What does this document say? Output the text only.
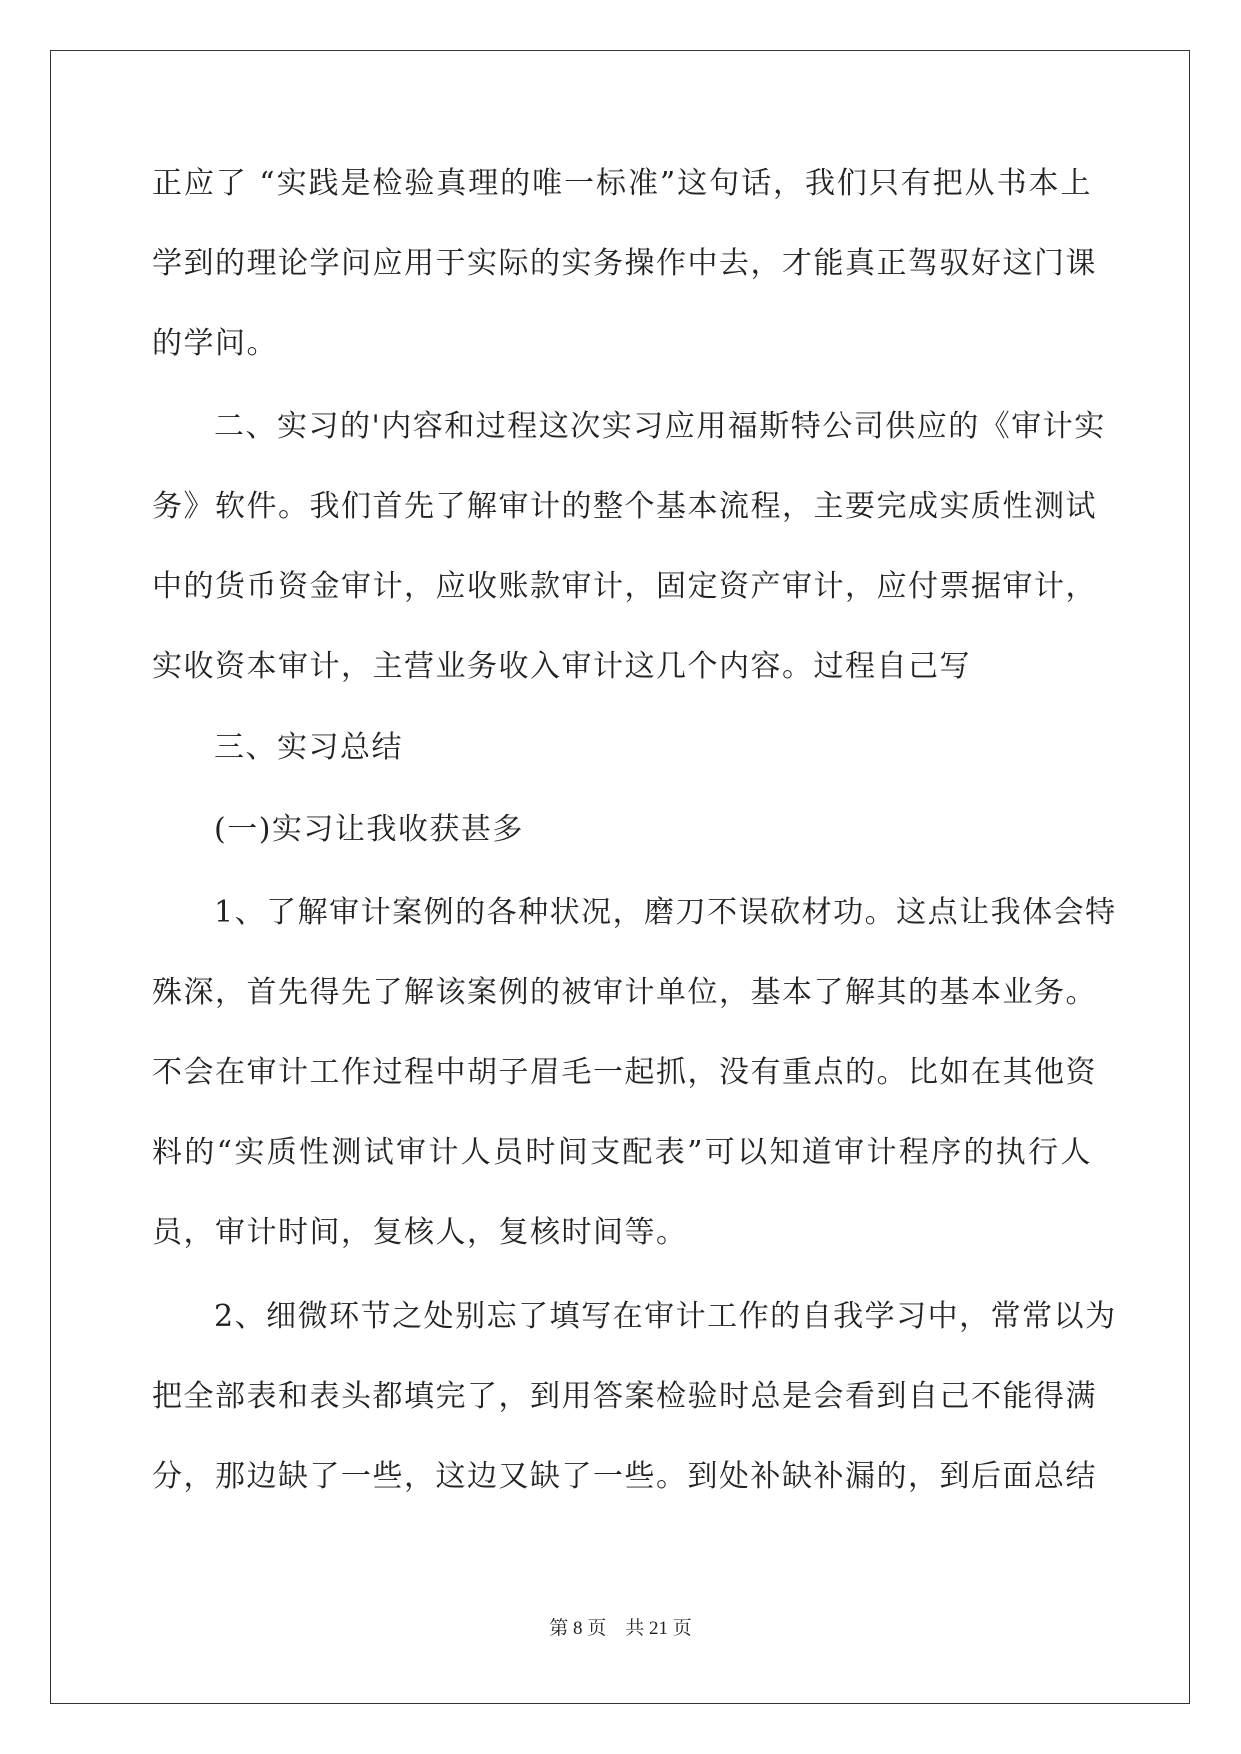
正应了 “实践是检验真理的唯一标准”这句话，我们只有把从书本上
学到的理论学问应用于实际的实务操作中去，才能真正驾驭好这门课
的学问。
二、实习的'内容和过程这次实习应用福斯特公司供应的《审计实
务》软件。我们首先了解审计的整个基本流程，主要完成实质性测试
中的货币资金审计，应收账款审计，固定资产审计，应付票据审计，
实收资本审计，主营业务收入审计这几个内容。过程自己写
三、实习总结
(一)实习让我收获甚多
1、了解审计案例的各种状况，磨刀不误砍材功。这点让我体会特
殊深，首先得先了解该案例的被审计单位，基本了解其的基本业务。
不会在审计工作过程中胡子眉毛一起抓，没有重点的。比如在其他资
料的“实质性测试审计人员时间支配表”可以知道审计程序的执行人
员，审计时间，复核人，复核时间等。
2、细微环节之处别忘了填写在审计工作的自我学习中，常常以为
把全部表和表头都填完了，到用答案检验时总是会看到自己不能得满
分，那边缺了一些，这边又缺了一些。到处补缺补漏的，到后面总结
第 8 页 共 21 页
